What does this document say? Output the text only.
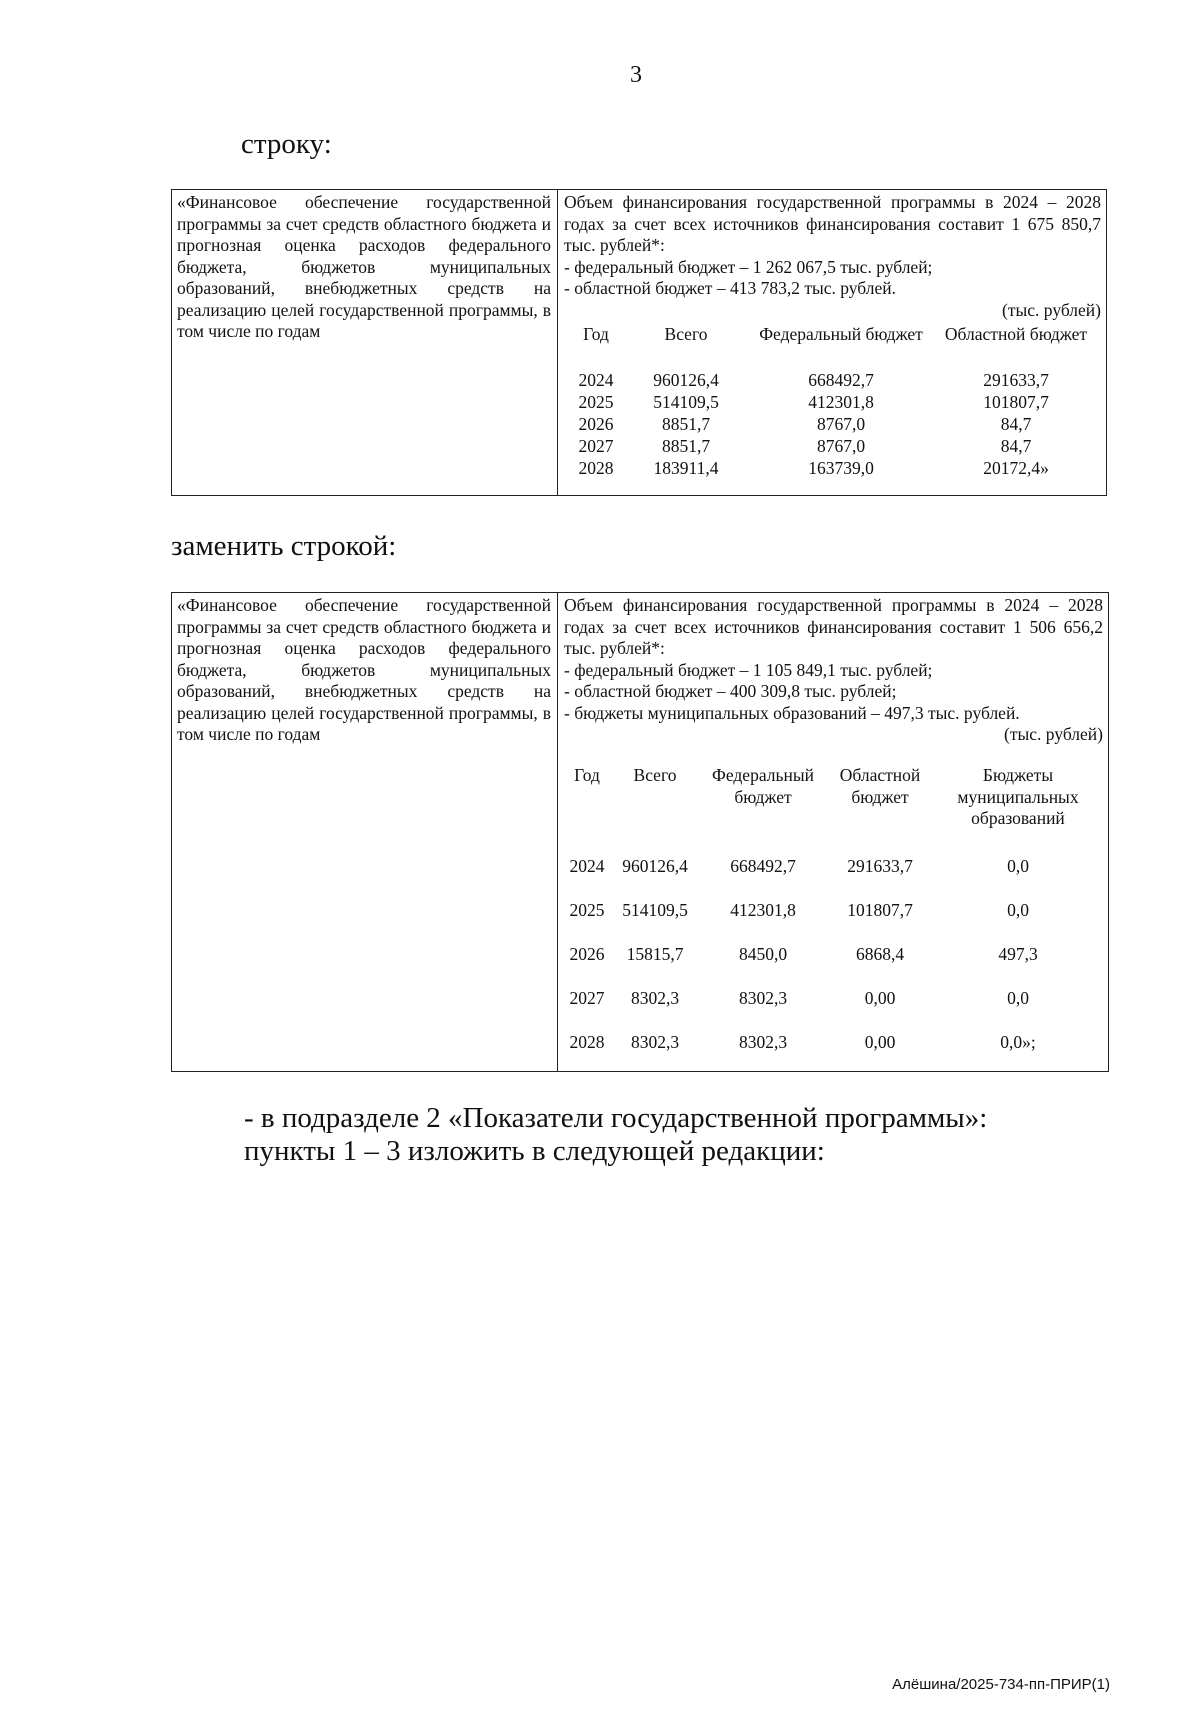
3
строку:
«Финансовое обеспечение государственной программы за счет средств областного бюджета и прогнозная оценка расходов федерального бюджета, бюджетов муниципальных образований, внебюджетных средств на реализацию целей государственной программы, в том числе по годам
Объем финансирования государственной программы в 2024 – 2028 годах за счет всех источников финансирования составит 1 675 850,7 тыс. рублей*:
- федеральный бюджет – 1 262 067,5 тыс. рублей;
- областной бюджет – 413 783,2 тыс. рублей.
(тыс. рублей)
Год	Всего	Федеральный бюджет	Областной бюджет
2024	960126,4	668492,7	291633,7
2025	514109,5	412301,8	101807,7
2026	8851,7	8767,0	84,7
2027	8851,7	8767,0	84,7
2028	183911,4	163739,0	20172,4»
заменить строкой:
«Финансовое обеспечение государственной программы за счет средств областного бюджета и прогнозная оценка расходов федерального бюджета, бюджетов муниципальных образований, внебюджетных средств на реализацию целей государственной программы, в том числе по годам
Объем финансирования государственной программы в 2024 – 2028 годах за счет всех источников финансирования составит 1 506 656,2 тыс. рублей*:
- федеральный бюджет – 1 105 849,1 тыс. рублей;
- областной бюджет – 400 309,8 тыс. рублей;
- бюджеты муниципальных образований – 497,3 тыс. рублей.
(тыс. рублей)
Год	Всего	Федеральный бюджет	Областной бюджет	Бюджеты муниципальных образований
2024	960126,4	668492,7	291633,7	0,0
2025	514109,5	412301,8	101807,7	0,0
2026	15815,7	8450,0	6868,4	497,3
2027	8302,3	8302,3	0,00	0,0
2028	8302,3	8302,3	0,00	0,0»;
- в подразделе 2 «Показатели государственной программы»:
пункты 1 – 3 изложить в следующей редакции:
Алёшина/2025-734-пп-ПРИР(1)
